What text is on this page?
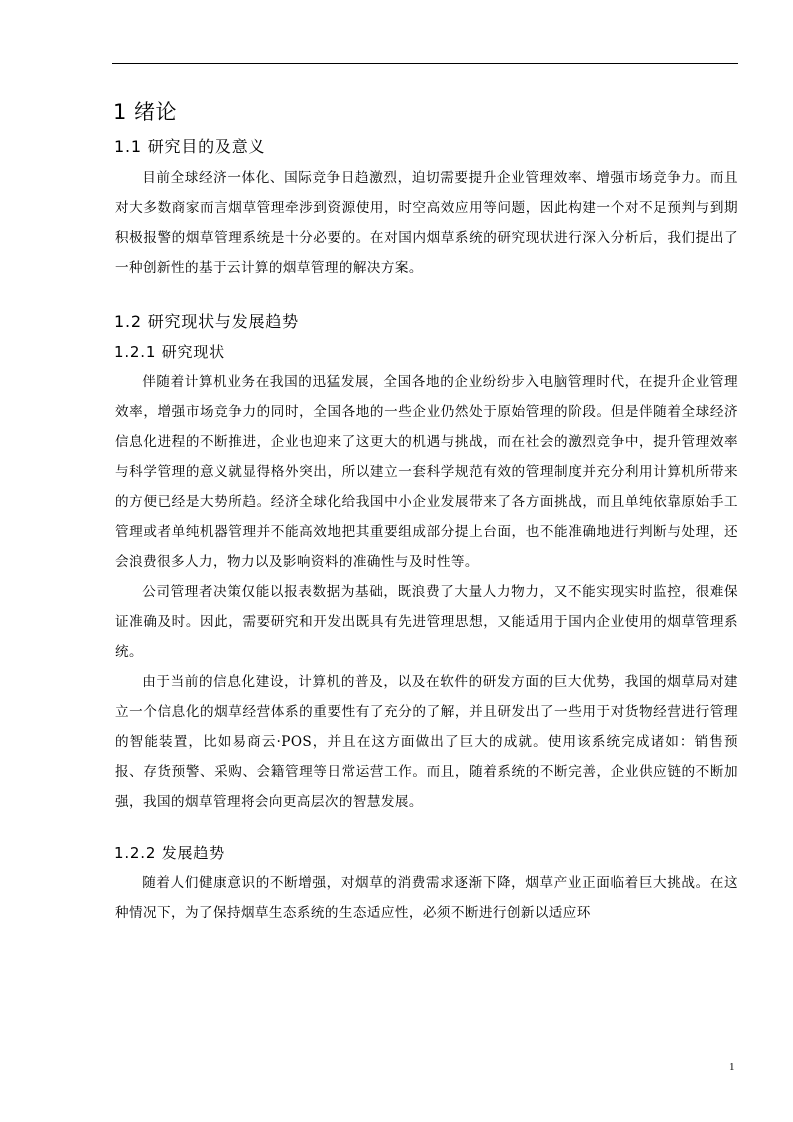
1 绪论
1.1 研究目的及意义

目前全球经济一体化、国际竞争日趋激烈，迫切需要提升企业管理效率、增强市场竞争力。而且对大多数商家而言烟草管理牵涉到资源使用，时空高效应用等问题，因此构建一个对不足预判与到期积极报警的烟草管理系统是十分必要的。在对国内烟草系统的研究现状进行深入分析后，我们提出了一种创新性的基于云计算的烟草管理的解决方案。

1.2 研究现状与发展趋势
1.2.1 研究现状

伴随着计算机业务在我国的迅猛发展，全国各地的企业纷纷步入电脑管理时代，在提升企业管理效率，增强市场竞争力的同时，全国各地的一些企业仍然处于原始管理的阶段。但是伴随着全球经济信息化进程的不断推进，企业也迎来了这更大的机遇与挑战，而在社会的激烈竞争中，提升管理效率与科学管理的意义就显得格外突出，所以建立一套科学规范有效的管理制度并充分利用计算机所带来的方便已经是大势所趋。经济全球化给我国中小企业发展带来了各方面挑战，而且单纯依靠原始手工管理或者单纯机器管理并不能高效地把其重要组成部分提上台面，也不能准确地进行判断与处理，还会浪费很多人力，物力以及影响资料的准确性与及时性等。

公司管理者决策仅能以报表数据为基础，既浪费了大量人力物力，又不能实现实时监控，很难保证准确及时。因此，需要研究和开发出既具有先进管理思想，又能适用于国内企业使用的烟草管理系统。

由于当前的信息化建设，计算机的普及，以及在软件的研发方面的巨大优势，我国的烟草局对建立一个信息化的烟草经营体系的重要性有了充分的了解，并且研发出了一些用于对货物经营进行管理的智能装置，比如易商云·POS，并且在这方面做出了巨大的成就。使用该系统完成诸如：销售预报、存货预警、采购、会籍管理等日常运营工作。而且，随着系统的不断完善，企业供应链的不断加强，我国的烟草管理将会向更高层次的智慧发展。

1.2.2 发展趋势

随着人们健康意识的不断增强，对烟草的消费需求逐渐下降，烟草产业正面临着巨大挑战。在这种情况下，为了保持烟草生态系统的生态适应性，必须不断进行创新以适应环

1
